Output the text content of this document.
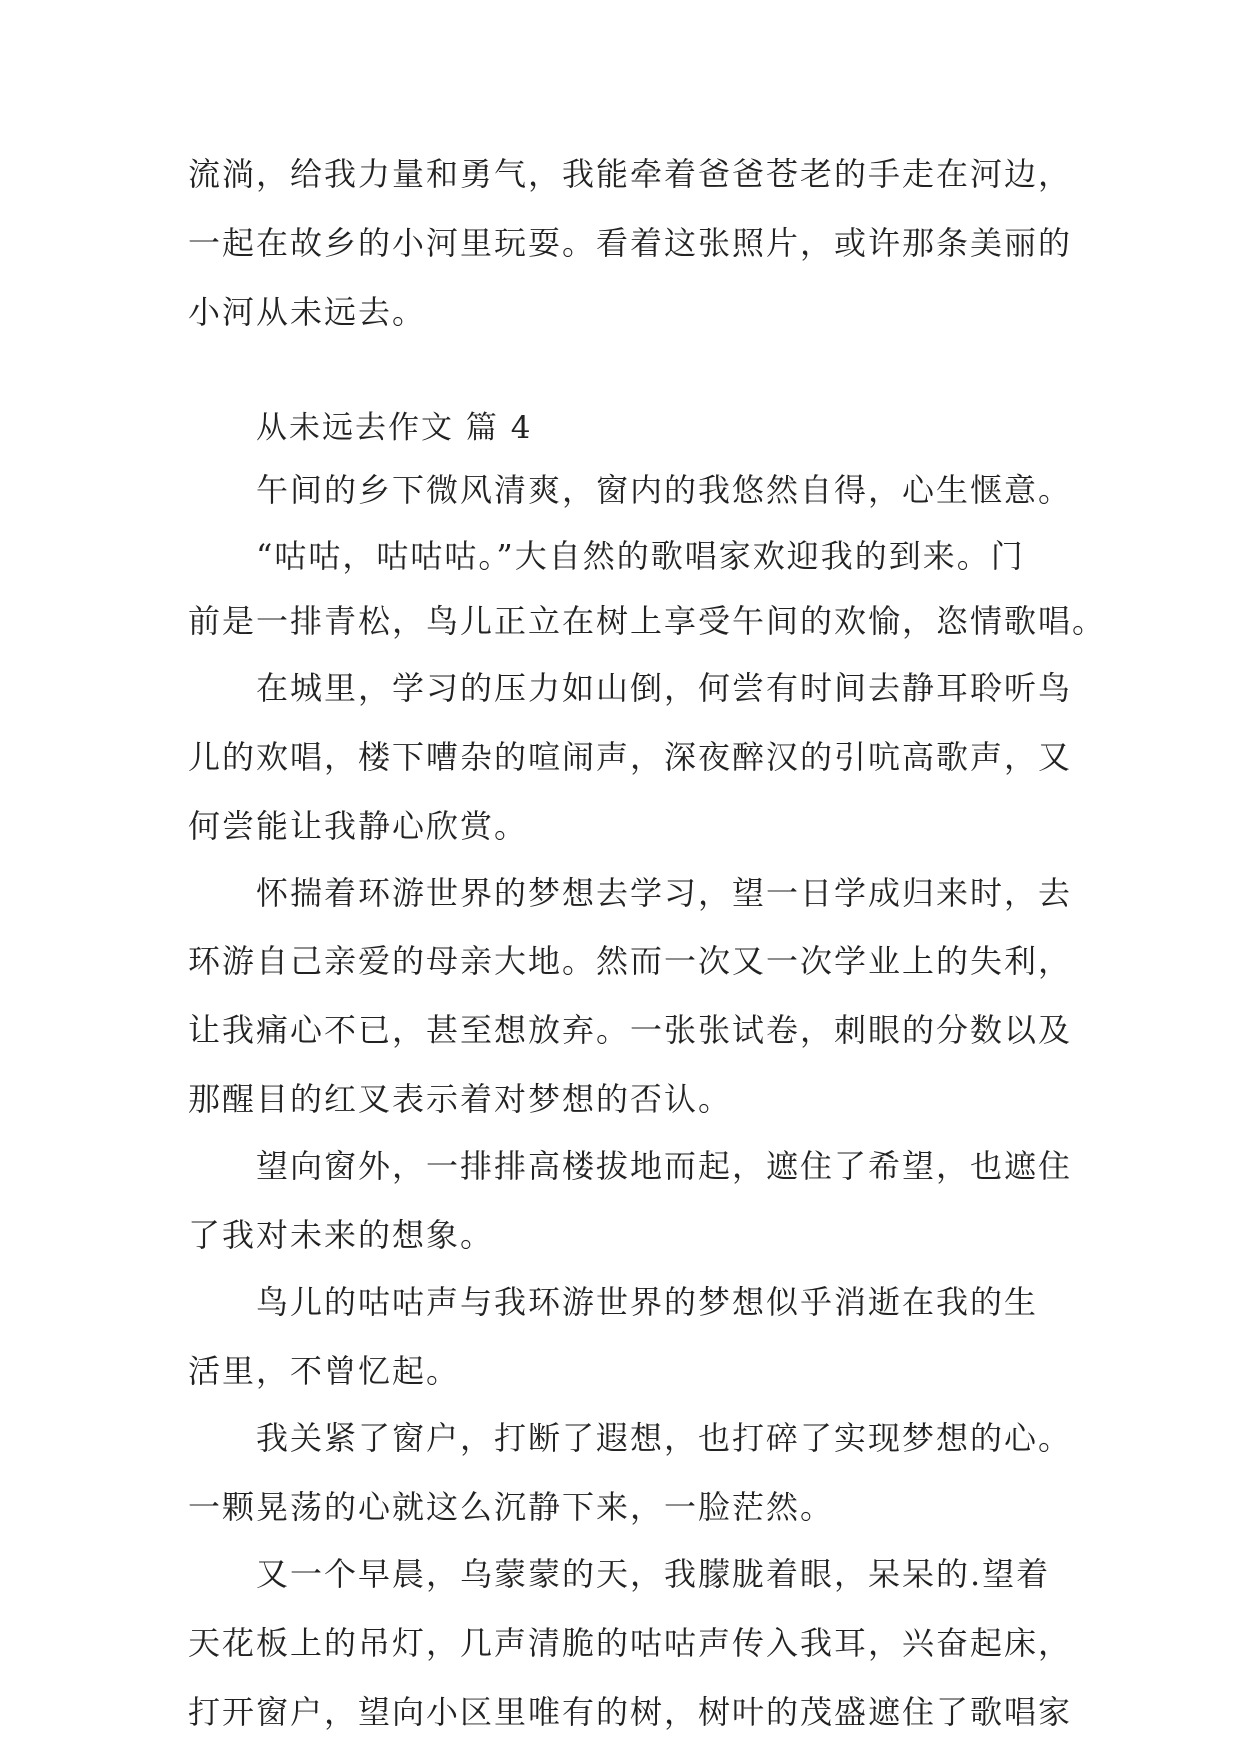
流淌，给我力量和勇气，我能牵着爸爸苍老的手走在河边，
一起在故乡的小河里玩耍。看着这张照片，或许那条美丽的
小河从未远去。
从未远去作文 篇 4
午间的乡下微风清爽，窗内的我悠然自得，心生惬意。
“咕咕，咕咕咕。”大自然的歌唱家欢迎我的到来。门
前是一排青松，鸟儿正立在树上享受午间的欢愉，恣情歌唱。
在城里，学习的压力如山倒，何尝有时间去静耳聆听鸟
儿的欢唱，楼下嘈杂的喧闹声，深夜醉汉的引吭高歌声，又
何尝能让我静心欣赏。
怀揣着环游世界的梦想去学习，望一日学成归来时，去
环游自己亲爱的母亲大地。然而一次又一次学业上的失利，
让我痛心不已，甚至想放弃。一张张试卷，刺眼的分数以及
那醒目的红叉表示着对梦想的否认。
望向窗外，一排排高楼拔地而起，遮住了希望，也遮住
了我对未来的想象。
鸟儿的咕咕声与我环游世界的梦想似乎消逝在我的生
活里，不曾忆起。
我关紧了窗户，打断了遐想，也打碎了实现梦想的心。
一颗晃荡的心就这么沉静下来，一脸茫然。
又一个早晨，乌蒙蒙的天，我朦胧着眼，呆呆的.望着
天花板上的吊灯，几声清脆的咕咕声传入我耳，兴奋起床，
打开窗户，望向小区里唯有的树，树叶的茂盛遮住了歌唱家
